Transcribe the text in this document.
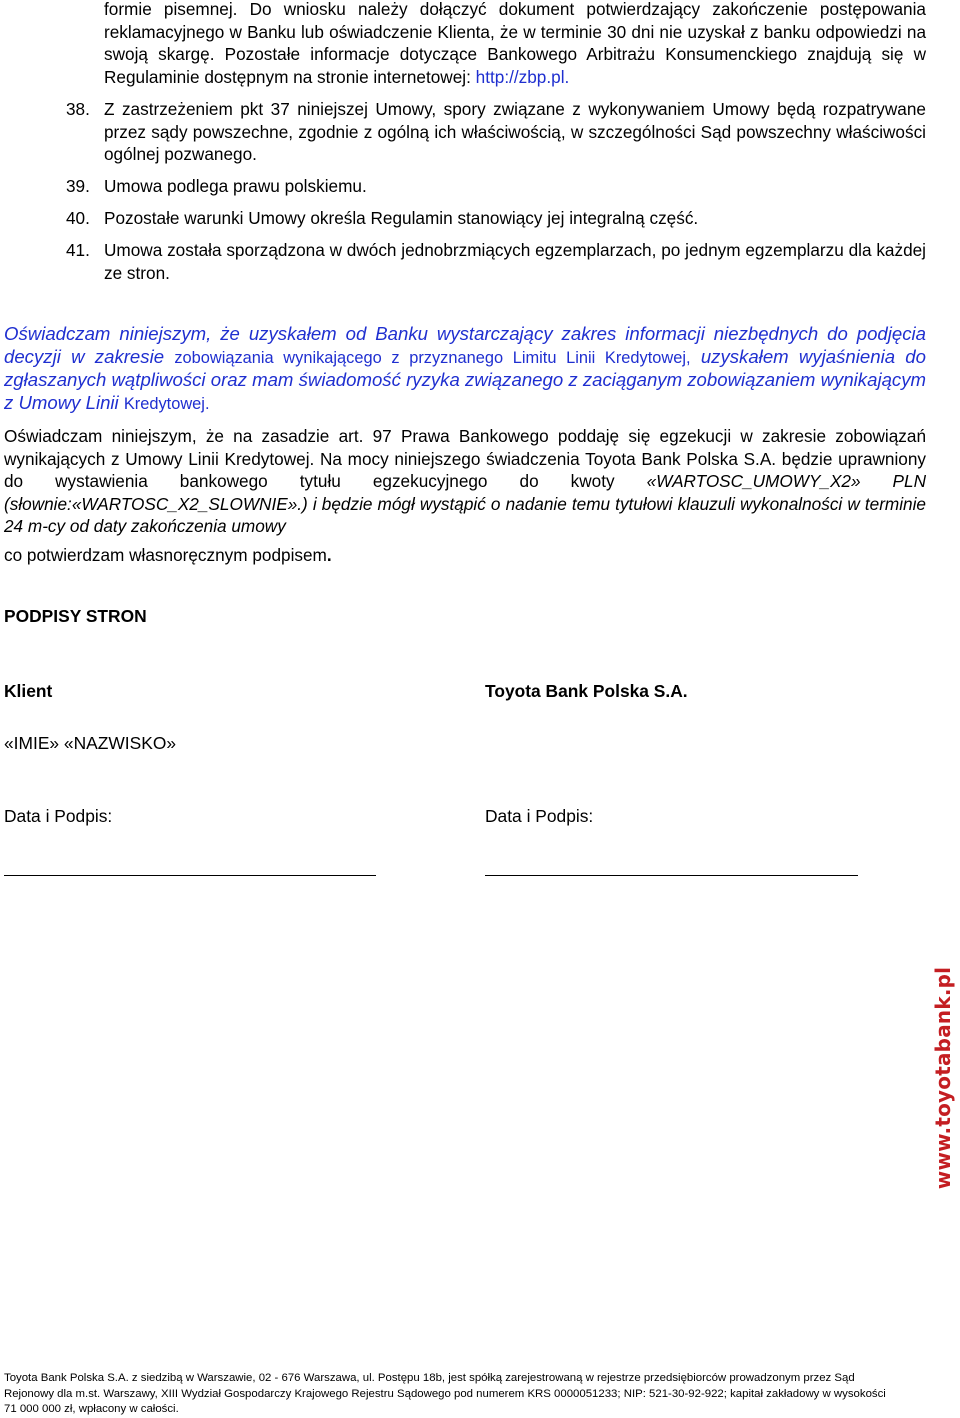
formie pisemnej. Do wniosku należy dołączyć dokument potwierdzający zakończenie postępowania reklamacyjnego w Banku lub oświadczenie Klienta, że w terminie 30 dni nie uzyskał z banku odpowiedzi na swoją skargę. Pozostałe informacje dotyczące Bankowego Arbitrażu Konsumenckiego znajdują się w Regulaminie dostępnym na stronie internetowej: http://zbp.pl.

38. Z zastrzeżeniem pkt 37 niniejszej Umowy, spory związane z wykonywaniem Umowy będą rozpatrywane przez sądy powszechne, zgodnie z ogólną ich właściwością, w szczególności Sąd powszechny właściwości ogólnej pozwanego.
39. Umowa podlega prawu polskiemu.
40. Pozostałe warunki Umowy określa Regulamin stanowiący jej integralną część.
41. Umowa została sporządzona w dwóch jednobrzmiących egzemplarzach, po jednym egzemplarzu dla każdej ze stron.

Oświadczam niniejszym, że uzyskałem od Banku wystarczający zakres informacji niezbędnych do podjęcia decyzji w zakresie zobowiązania wynikającego z przyznanego Limitu Linii Kredytowej, uzyskałem wyjaśnienia do zgłaszanych wątpliwości oraz mam świadomość ryzyka związanego z zaciąganym zobowiązaniem wynikającym z Umowy Linii Kredytowej.

Oświadczam niniejszym, że na zasadzie art. 97 Prawa Bankowego poddaję się egzekucji w zakresie zobowiązań wynikających z Umowy Linii Kredytowej. Na mocy niniejszego świadczenia Toyota Bank Polska S.A. będzie uprawniony do wystawienia bankowego tytułu egzekucyjnego do kwoty «WARTOSC_UMOWY_X2» PLN (słownie:«WARTOSC_X2_SLOWNIE».) i będzie mógł wystąpić o nadanie temu tytułowi klauzuli wykonalności w terminie 24 m-cy od daty zakończenia umowy

co potwierdzam własnoręcznym podpisem.
PODPISY STRON
Klient	Toyota Bank Polska S.A.
«IMIE» «NAZWISKO»
Data i Podpis:	Data i Podpis:
www.toyotabank.pl
Toyota Bank Polska S.A. z siedzibą w Warszawie, 02 - 676 Warszawa, ul. Postępu 18b, jest spółką zarejestrowaną w rejestrze przedsiębiorców prowadzonym przez Sąd Rejonowy dla m.st. Warszawy, XIII Wydział Gospodarczy Krajowego Rejestru Sądowego pod numerem KRS 0000051233; NIP: 521-30-92-922; kapitał zakładowy w wysokości 71 000 000 zł, wpłacony w całości.
